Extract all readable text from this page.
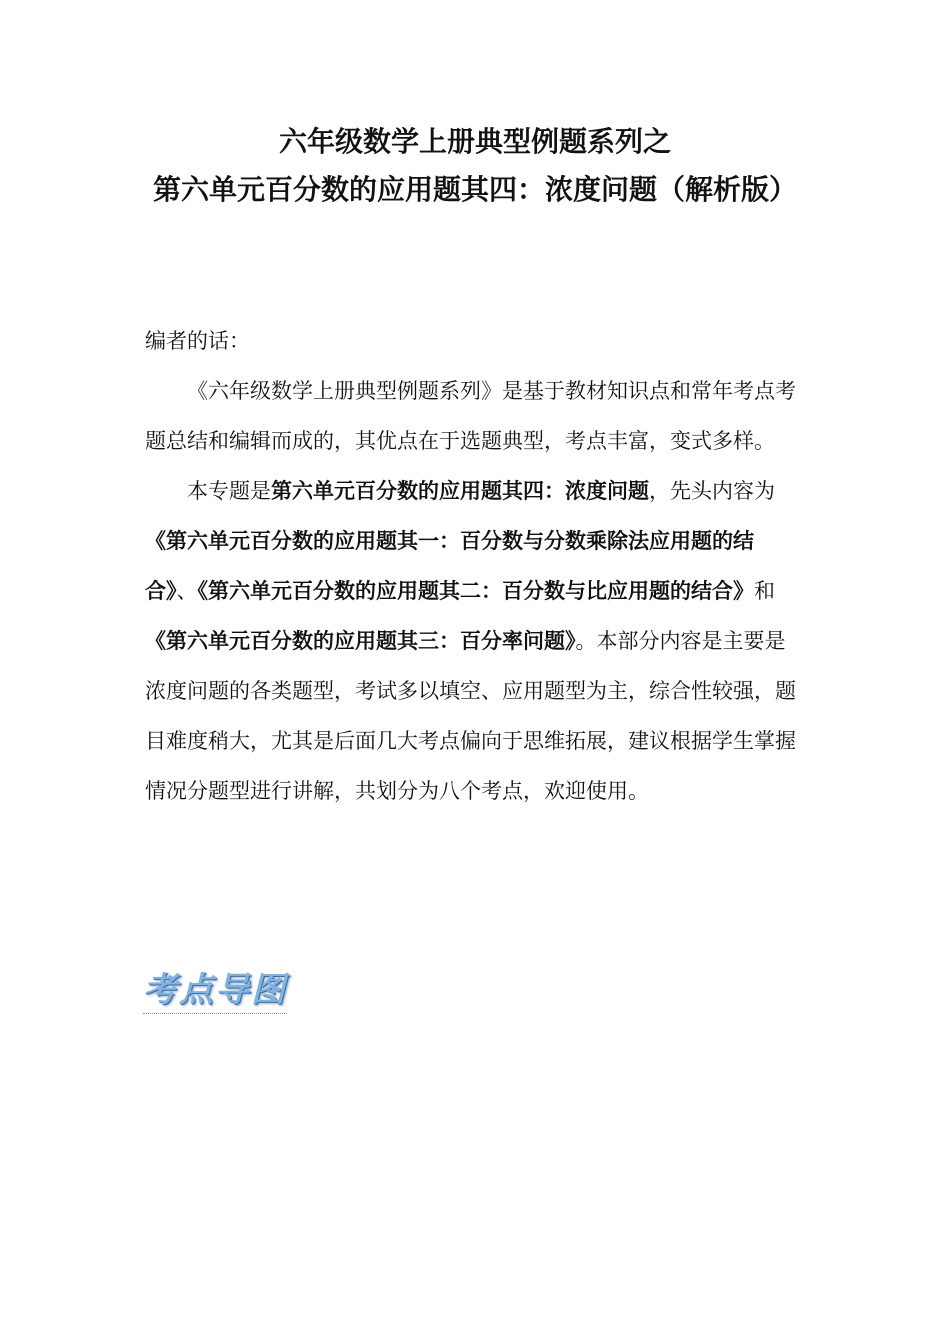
六年级数学上册典型例题系列之
第六单元百分数的应用题其四：浓度问题（解析版）

编者的话：

《六年级数学上册典型例题系列》是基于教材知识点和常年考点考题总结和编辑而成的，其优点在于选题典型，考点丰富，变式多样。

本专题是第六单元百分数的应用题其四：浓度问题，先头内容为《第六单元百分数的应用题其一：百分数与分数乘除法应用题的结合》、《第六单元百分数的应用题其二：百分数与比应用题的结合》和《第六单元百分数的应用题其三：百分率问题》。本部分内容是主要是浓度问题的各类题型，考试多以填空、应用题型为主，综合性较强，题目难度稍大，尤其是后面几大考点偏向于思维拓展，建议根据学生掌握情况分题型进行讲解，共划分为八个考点，欢迎使用。

考点导图
